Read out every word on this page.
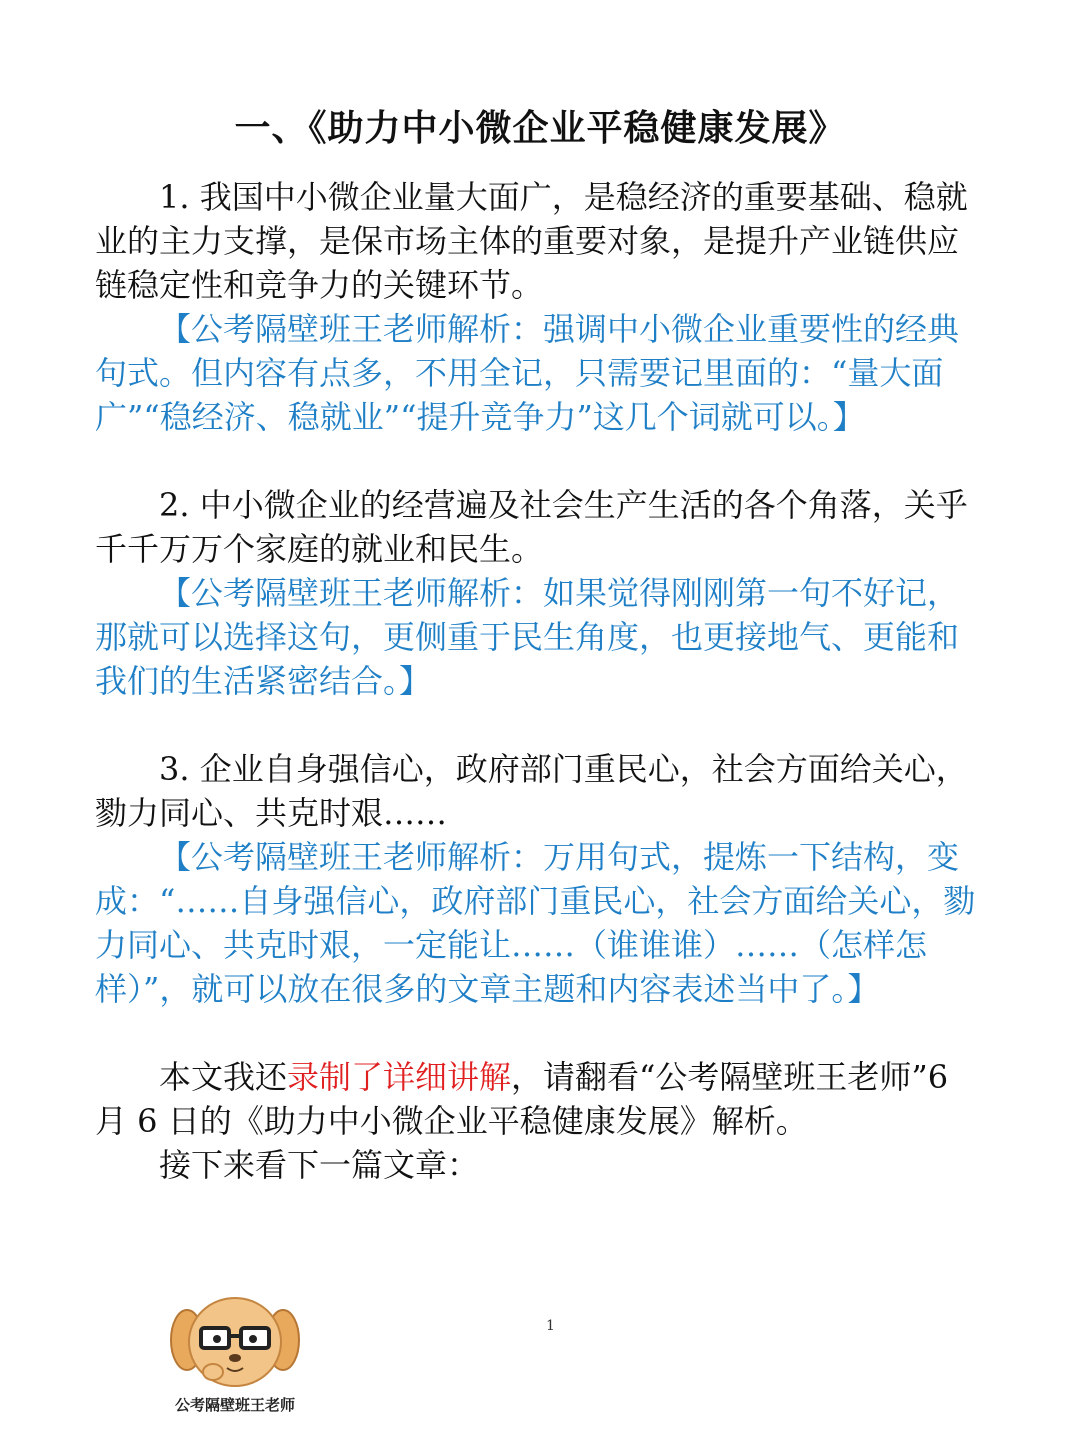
一、《助力中小微企业平稳健康发展》

1. 我国中小微企业量大面广，是稳经济的重要基础、稳就业的主力支撑，是保市场主体的重要对象，是提升产业链供应链稳定性和竞争力的关键环节。

【公考隔壁班王老师解析：强调中小微企业重要性的经典句式。但内容有点多，不用全记，只需要记里面的：“量大面广”“稳经济、稳就业”“提升竞争力”这几个词就可以。】

2. 中小微企业的经营遍及社会生产生活的各个角落，关乎千千万万个家庭的就业和民生。

【公考隔壁班王老师解析：如果觉得刚刚第一句不好记，那就可以选择这句，更侧重于民生角度，也更接地气、更能和我们的生活紧密结合。】

3. 企业自身强信心，政府部门重民心，社会方面给关心，勠力同心、共克时艰……

【公考隔壁班王老师解析：万用句式，提炼一下结构，变成：“……自身强信心，政府部门重民心，社会方面给关心，勠力同心、共克时艰，一定能让……（谁谁谁）……（怎样怎样）”，就可以放在很多的文章主题和内容表述当中了。】

本文我还录制了详细讲解，请翻看“公考隔壁班王老师”6 月 6 日的《助力中小微企业平稳健康发展》解析。

接下来看下一篇文章：

1
公考隔壁班王老师
